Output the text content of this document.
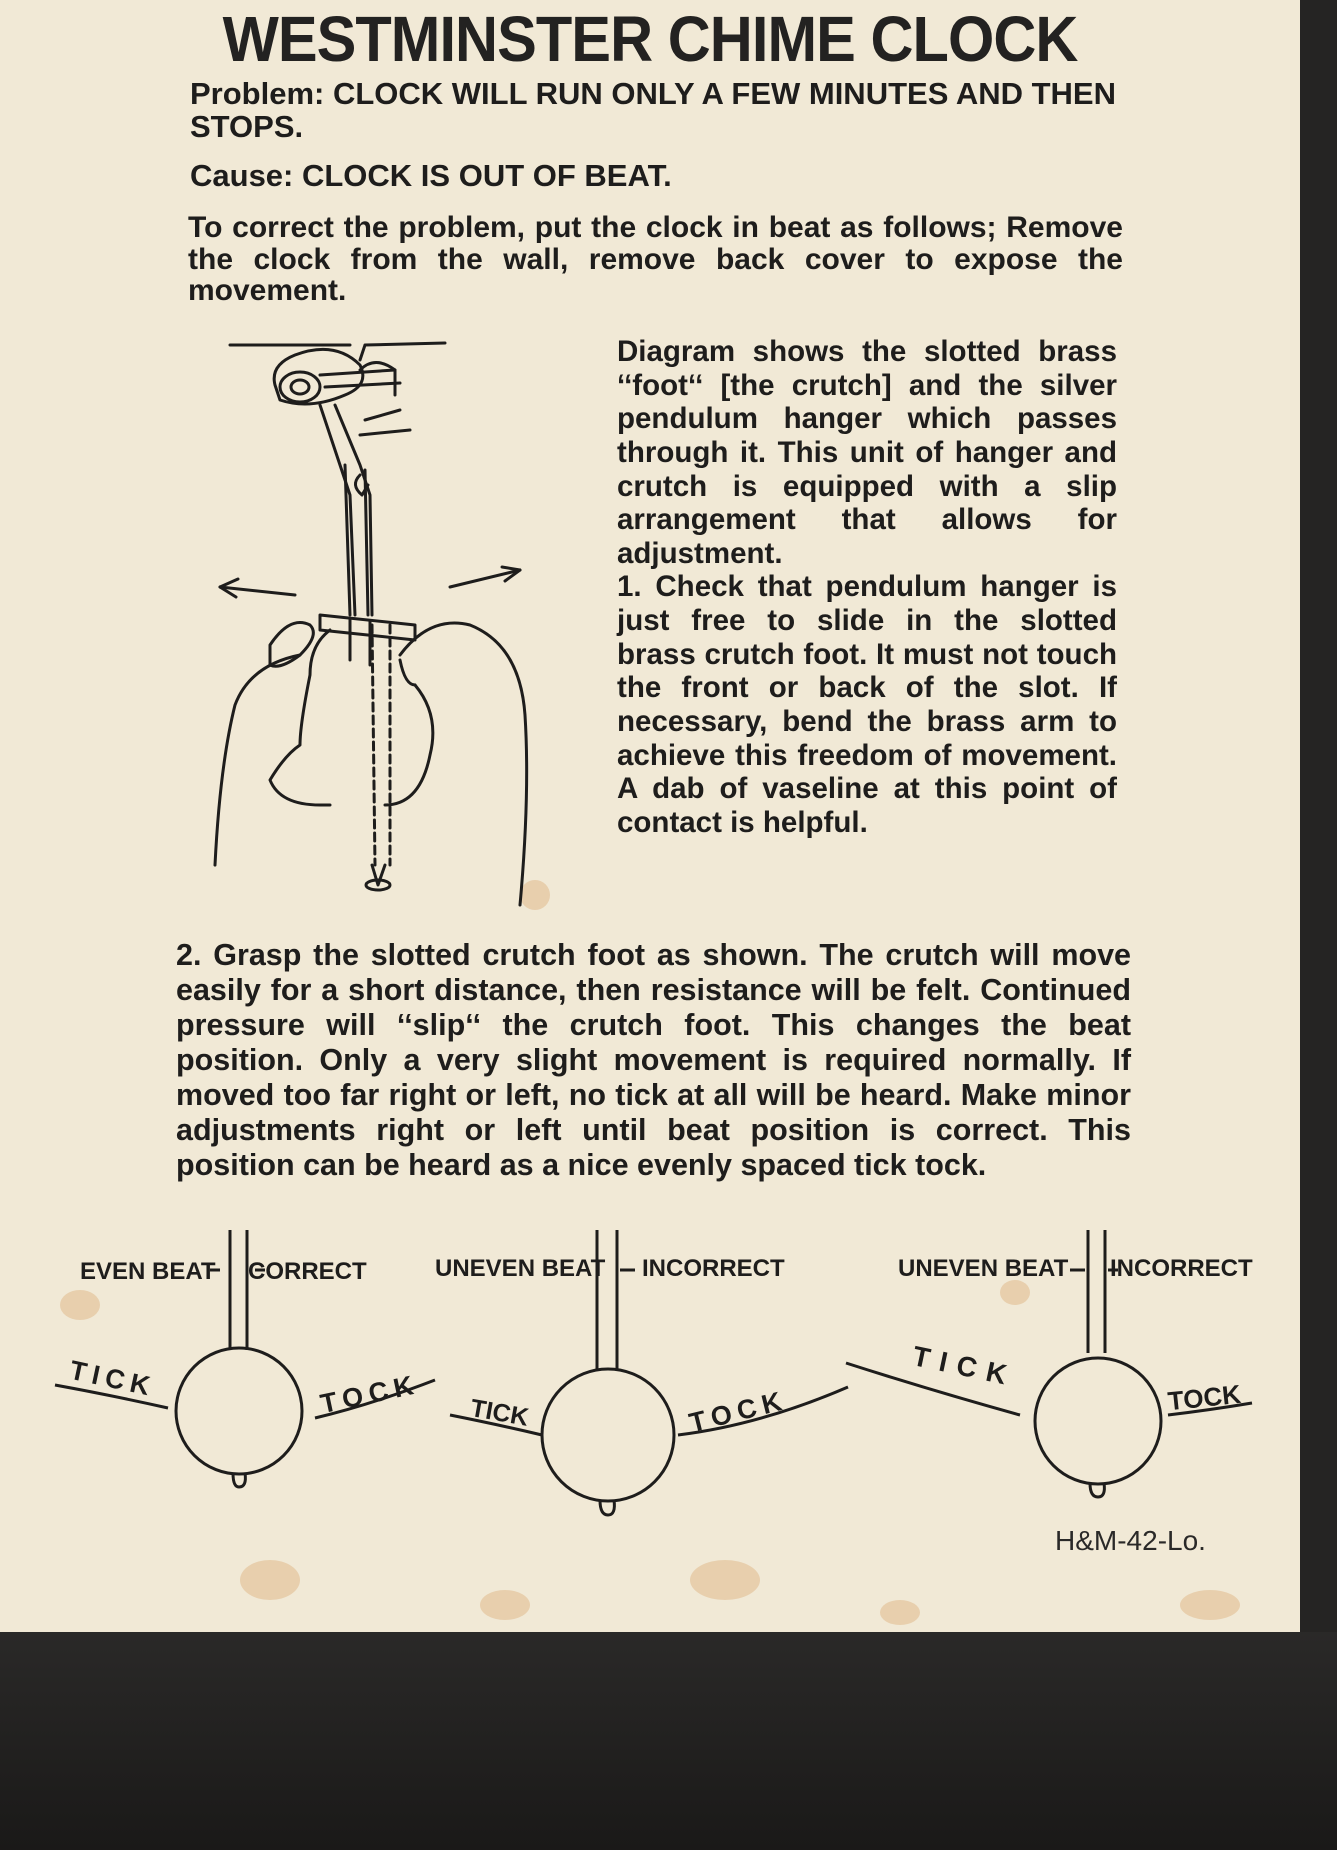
WESTMINSTER CHIME CLOCK
Problem: CLOCK WILL RUN ONLY A FEW MINUTES AND THEN STOPS.
Cause: CLOCK IS OUT OF BEAT.
To correct the problem, put the clock in beat as follows; Remove the clock from the wall, remove back cover to expose the movement.
Diagram shows the slotted brass ‘‘foot‘‘ [the crutch] and the silver pendulum hanger which passes through it. This unit of hanger and crutch is equipped with a slip arrangement that allows for adjustment.
1. Check that pendulum hanger is just free to slide in the slotted brass crutch foot. It must not touch the front or back of the slot. If necessary, bend the brass arm to achieve this freedom of movement. A dab of vaseline at this point of contact is helpful.
2. Grasp the slotted crutch foot as shown. The crutch will move easily for a short distance, then resistance will be felt. Continued pressure will ‘‘slip‘‘ the crutch foot. This changes the beat position. Only a very slight movement is required normally. If moved too far right or left, no tick at all will be heard. Make minor adjustments right or left until beat position is correct. This position can be heard as a nice evenly spaced tick tock.
EVEN BEAT CORRECT
TICK	TOCK
UNEVEN BEAT INCORRECT
TICK	TOCK
UNEVEN BEAT INCORRECT
TICK
TOCK
H&M-42-Lo.
